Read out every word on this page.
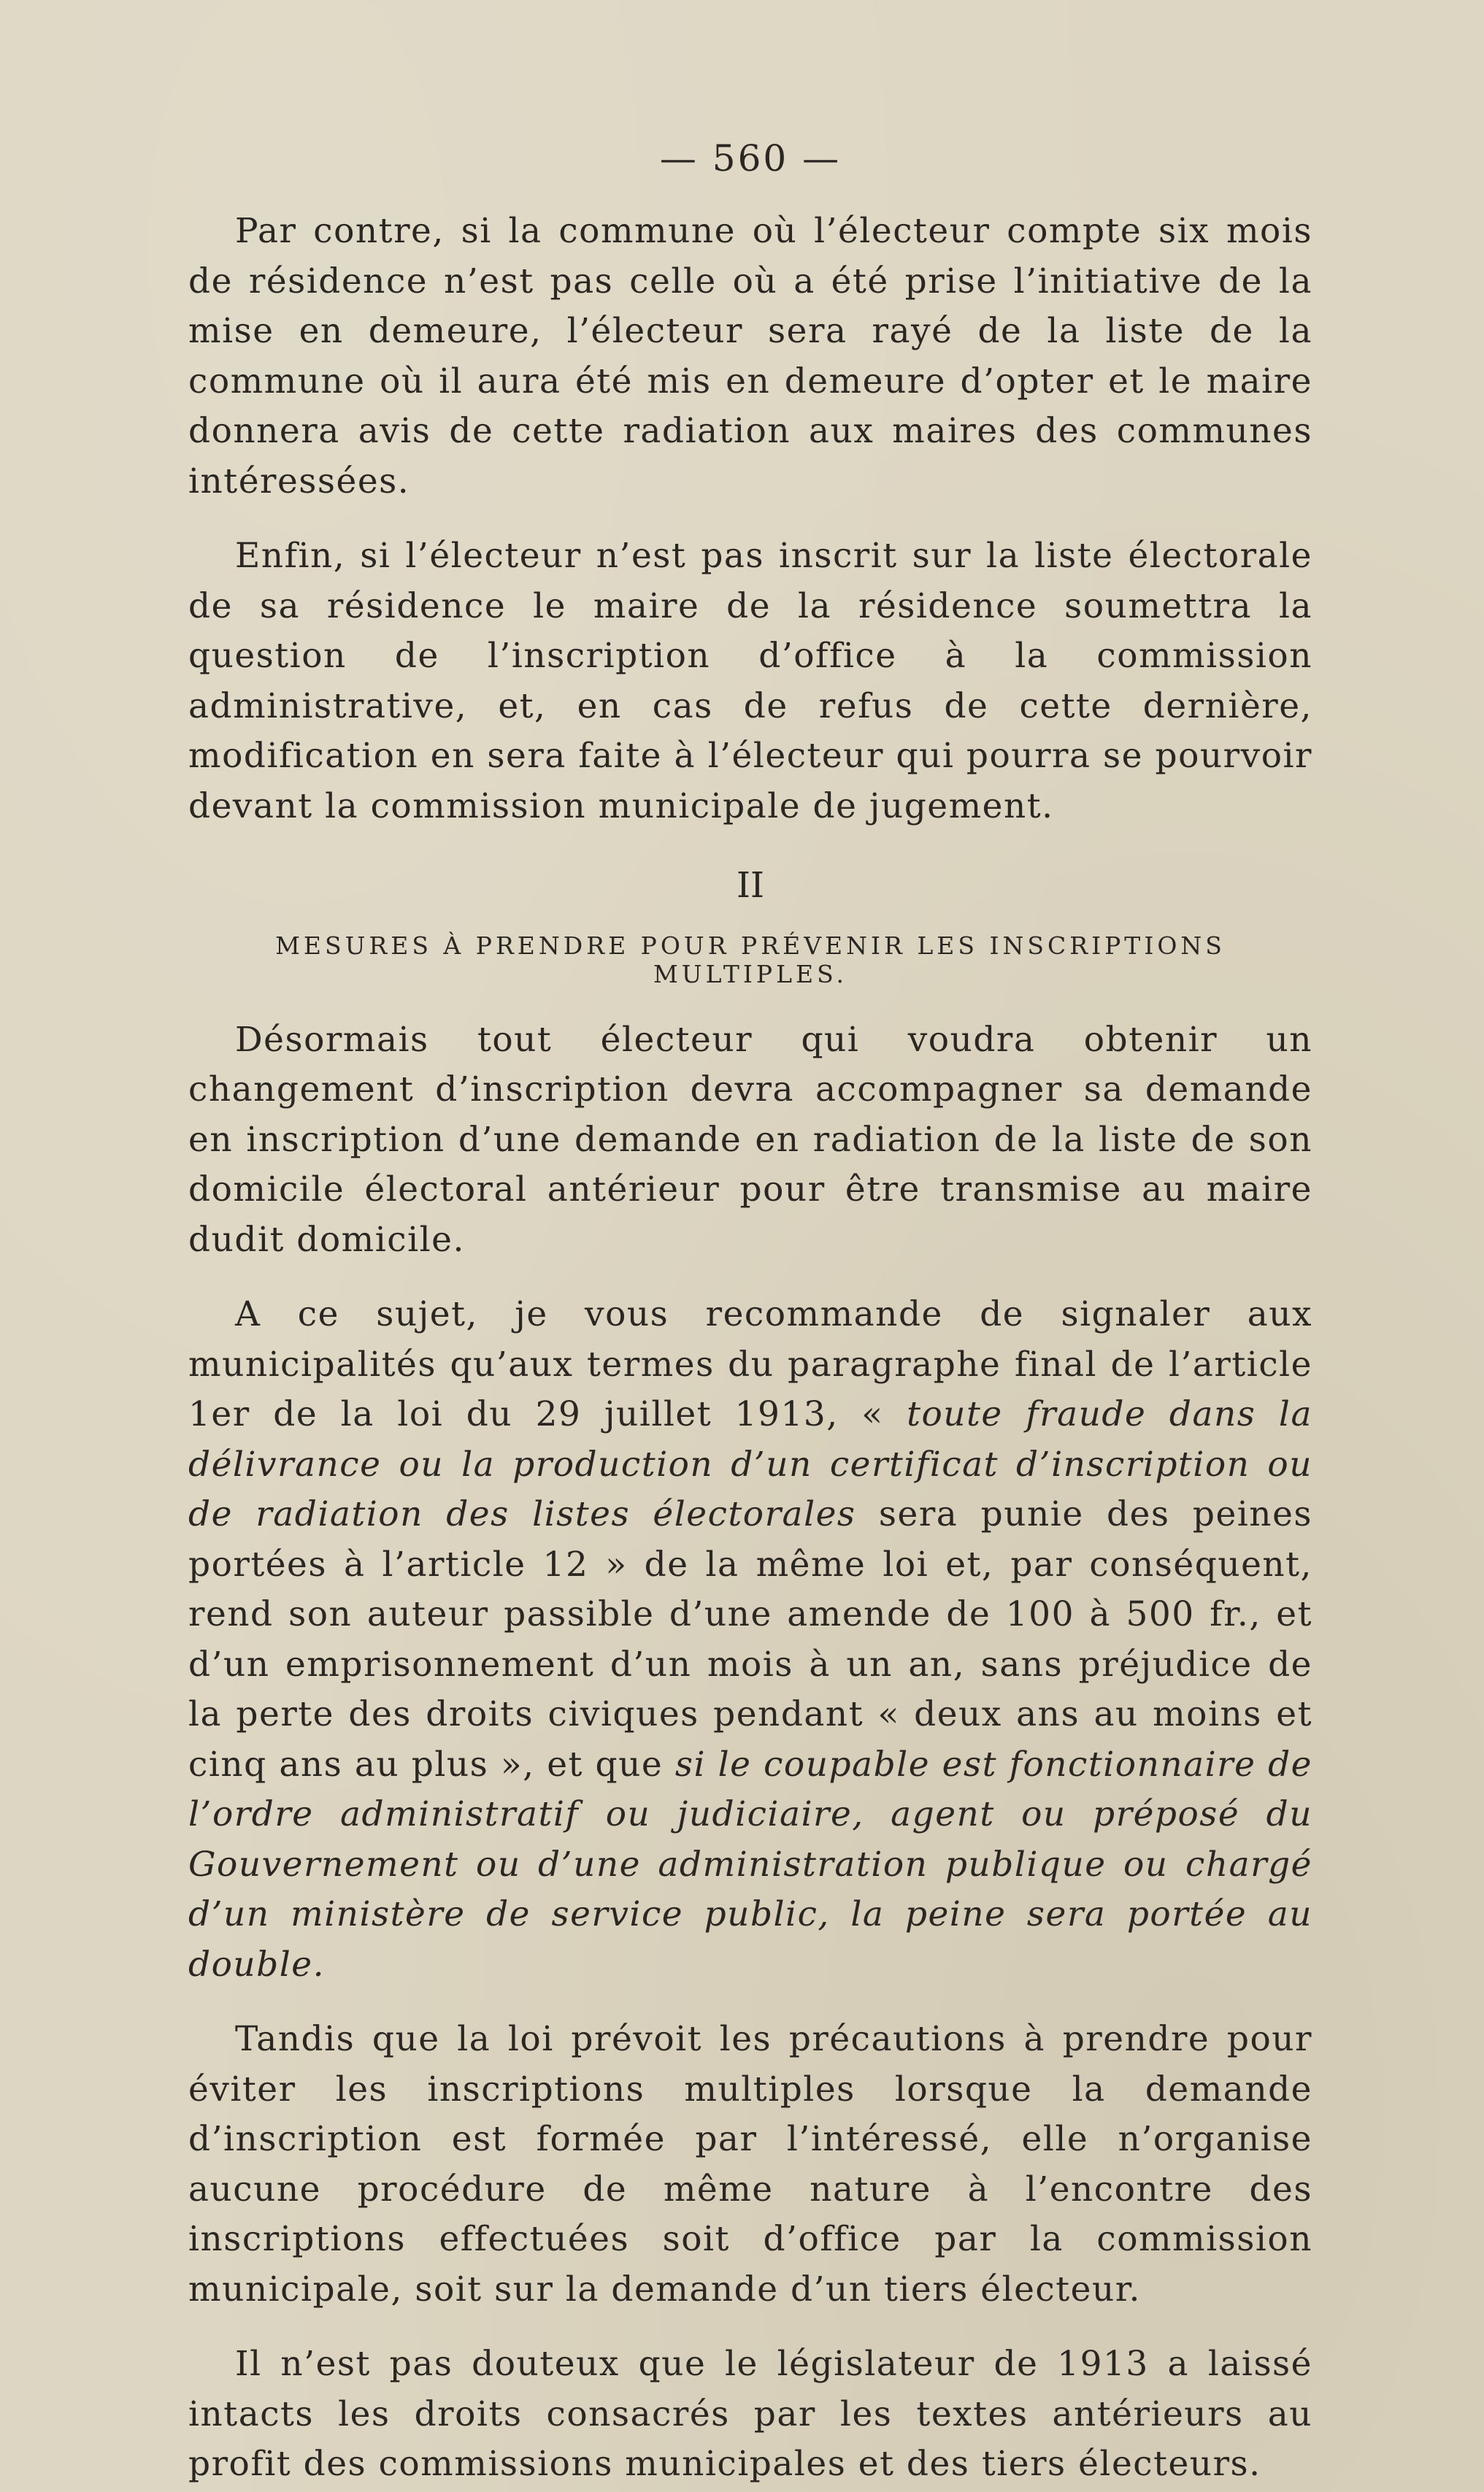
— 560 —

Par contre, si la commune où l’électeur compte six mois de résidence n’est pas celle où a été prise l’initiative de la mise en demeure, l’électeur sera rayé de la liste de la commune où il aura été mis en demeure d’opter et le maire donnera avis de cette radiation aux maires des communes intéressées.

Enfin, si l’électeur n’est pas inscrit sur la liste électorale de sa résidence le maire de la résidence soumettra la question de l’inscription d’office à la commission administrative, et, en cas de refus de cette dernière, modification en sera faite à l’électeur qui pourra se pourvoir devant la commission municipale de jugement.

II
MESURES À PRENDRE POUR PRÉVENIR LES INSCRIPTIONS MULTIPLES.

Désormais tout électeur qui voudra obtenir un changement d’inscription devra accompagner sa demande en inscription d’une demande en radiation de la liste de son domicile électoral antérieur pour être transmise au maire dudit domicile.

A ce sujet, je vous recommande de signaler aux municipalités qu’aux termes du paragraphe final de l’article 1er de la loi du 29 juillet 1913, « toute fraude dans la délivrance ou la production d’un certificat d’inscription ou de radiation des listes électorales sera punie des peines portées à l’article 12 » de la même loi et, par conséquent, rend son auteur passible d’une amende de 100 à 500 fr., et d’un emprisonnement d’un mois à un an, sans préjudice de la perte des droits civiques pendant « deux ans au moins et cinq ans au plus », et que si le coupable est fonctionnaire de l’ordre administratif ou judiciaire, agent ou préposé du Gouvernement ou d’une administration publique ou chargé d’un ministère de service public, la peine sera portée au double.

Tandis que la loi prévoit les précautions à prendre pour éviter les inscriptions multiples lorsque la demande d’inscription est formée par l’intéressé, elle n’organise aucune procédure de même nature à l’encontre des inscriptions effectuées soit d’office par la commission municipale, soit sur la demande d’un tiers électeur.

Il n’est pas douteux que le législateur de 1913 a laissé intacts les droits consacrés par les textes antérieurs au profit des commissions municipales et des tiers électeurs.
